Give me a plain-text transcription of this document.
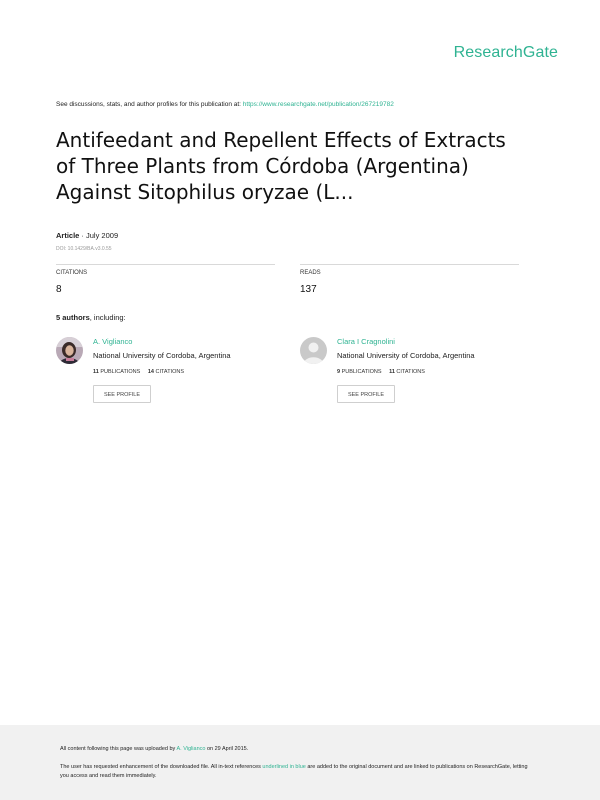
ResearchGate
See discussions, stats, and author profiles for this publication at: https://www.researchgate.net/publication/267219782
Antifeedant and Repellent Effects of Extracts of Three Plants from Córdoba (Argentina) Against Sitophilus oryzae (L...
Article · July 2009
DOI: 10.1429/BA.v3.0.55
CITATIONS
8
READS
137
5 authors, including:
A. Viglianco
National University of Cordoba, Argentina
11 PUBLICATIONS 14 CITATIONS
SEE PROFILE
Clara I Cragnolini
National University of Cordoba, Argentina
9 PUBLICATIONS 11 CITATIONS
SEE PROFILE

All content following this page was uploaded by A. Viglianco on 29 April 2015.

The user has requested enhancement of the downloaded file. All in-text references underlined in blue are added to the original document and are linked to publications on ResearchGate, letting you access and read them immediately.
